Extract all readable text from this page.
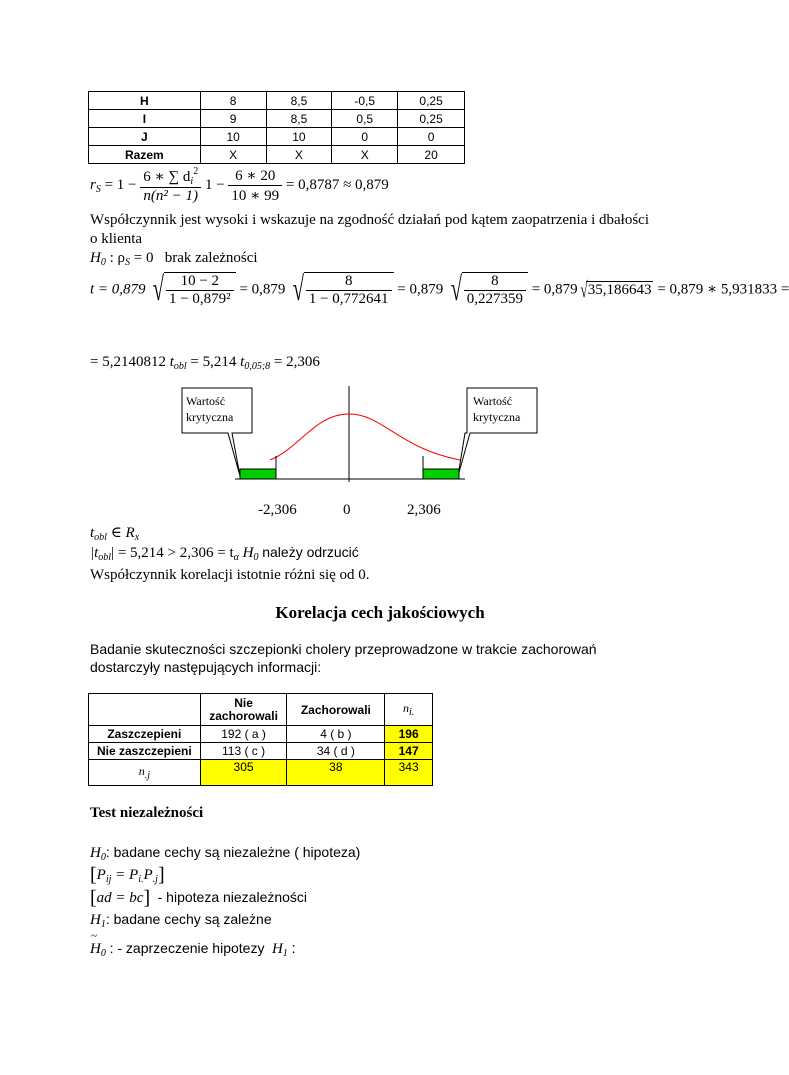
H	8	8,5	-0,5	0,25
I	9	8,5	0,5	0,25
J	10	10	0	0
Razem	X	X	X	20
$r_S = 1 - \frac{6 ∗ \sum d_i^2}{\text{n(n² − 1)}} 1 - \frac{6 ∗ 20}{10 ∗ 99} = 0,8787 \approx 0,879$
Współczynnik jest wysoki i wskazuje na zgodność działań pod kątem zaopatrzenia i dbałości
o klienta
$H_0$ : $\rho_S = 0$ brak zależności
t = 0,879 √ $\frac{10 - 2}{\text{1 − 0,879²}} = 0,879$ √ $\frac{8}{1 - 0,772641} = 0,879$ √ $\frac{8}{0,227359} = 0,879$ √35,186643 = 0,879 ∗ 5,931833 =
= 5,2140812 $t_{obl} = 5,214$ $t_{0,05;8} = 2,306$
Wartość
krytyczna
Wartość
krytyczna
-2,306	0	2,306
$t_{obl}$ ∈ $R_x$
$|t_{obl}| = 5,214 > 2,306 = t_\alpha$ $H_0$ należy odrzucić
Współczynnik korelacji istotnie różni się od 0.
Korelacja cech jakościowych
Badanie skuteczności szczepionki cholery przeprowadzone w trakcie zachorowań
dostarczyły następujących informacji:

	Nie
zachorowali	Zachorowali	$n_{i.}$
Zaszczepieni	192 ( a )	4 ( b )	196
Nie zaszczepieni	113 ( c )	34 ( d )	147
$n_{.j}$	305	38	343
Test niezależności
$H_0$: badane cechy są niezależne ( hipoteza)
$[P_{ij} = P_{i.}P_{.j}]$
[ad = bc] - hipoteza niezależności
$H_1$: badane cechy są zależne
$H_0$ : - zaprzeczenie hipotezy $H_1$ :
~
